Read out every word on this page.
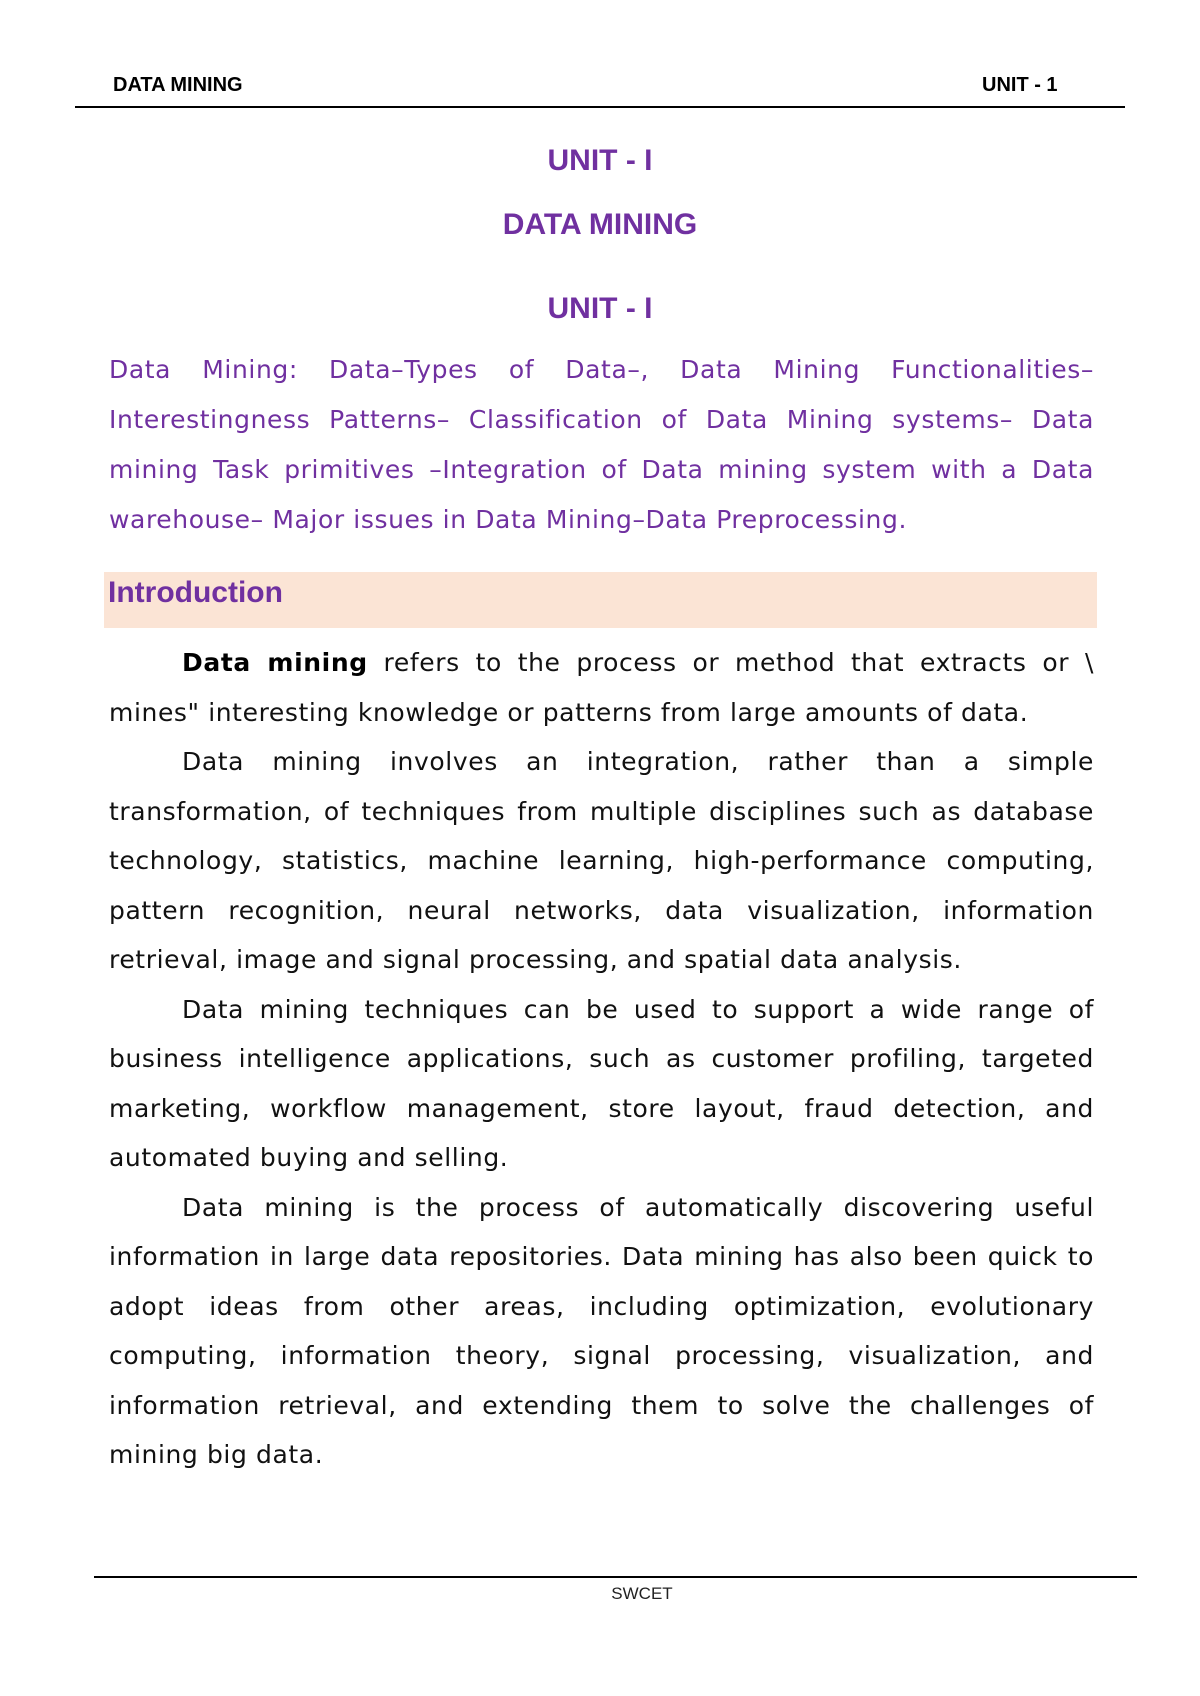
DATA MINING	UNIT - 1
UNIT - I
DATA MINING
UNIT - I
Data Mining: Data–Types of Data–, Data Mining Functionalities– Interestingness Patterns– Classification of Data Mining systems– Data mining Task primitives –Integration of Data mining system with a Data warehouse– Major issues in Data Mining–Data Preprocessing.
Introduction

Data mining refers to the process or method that extracts or \ mines" interesting knowledge or patterns from large amounts of data.

Data mining involves an integration, rather than a simple transformation, of techniques from multiple disciplines such as database technology, statistics, machine learning, high-performance computing, pattern recognition, neural networks, data visualization, information retrieval, image and signal processing, and spatial data analysis.

Data mining techniques can be used to support a wide range of business intelligence applications, such as customer profiling, targeted marketing, workflow management, store layout, fraud detection, and automated buying and selling.

Data mining is the process of automatically discovering useful information in large data repositories. Data mining has also been quick to adopt ideas from other areas, including optimization, evolutionary computing, information theory, signal processing, visualization, and information retrieval, and extending them to solve the challenges of mining big data.

SWCET
